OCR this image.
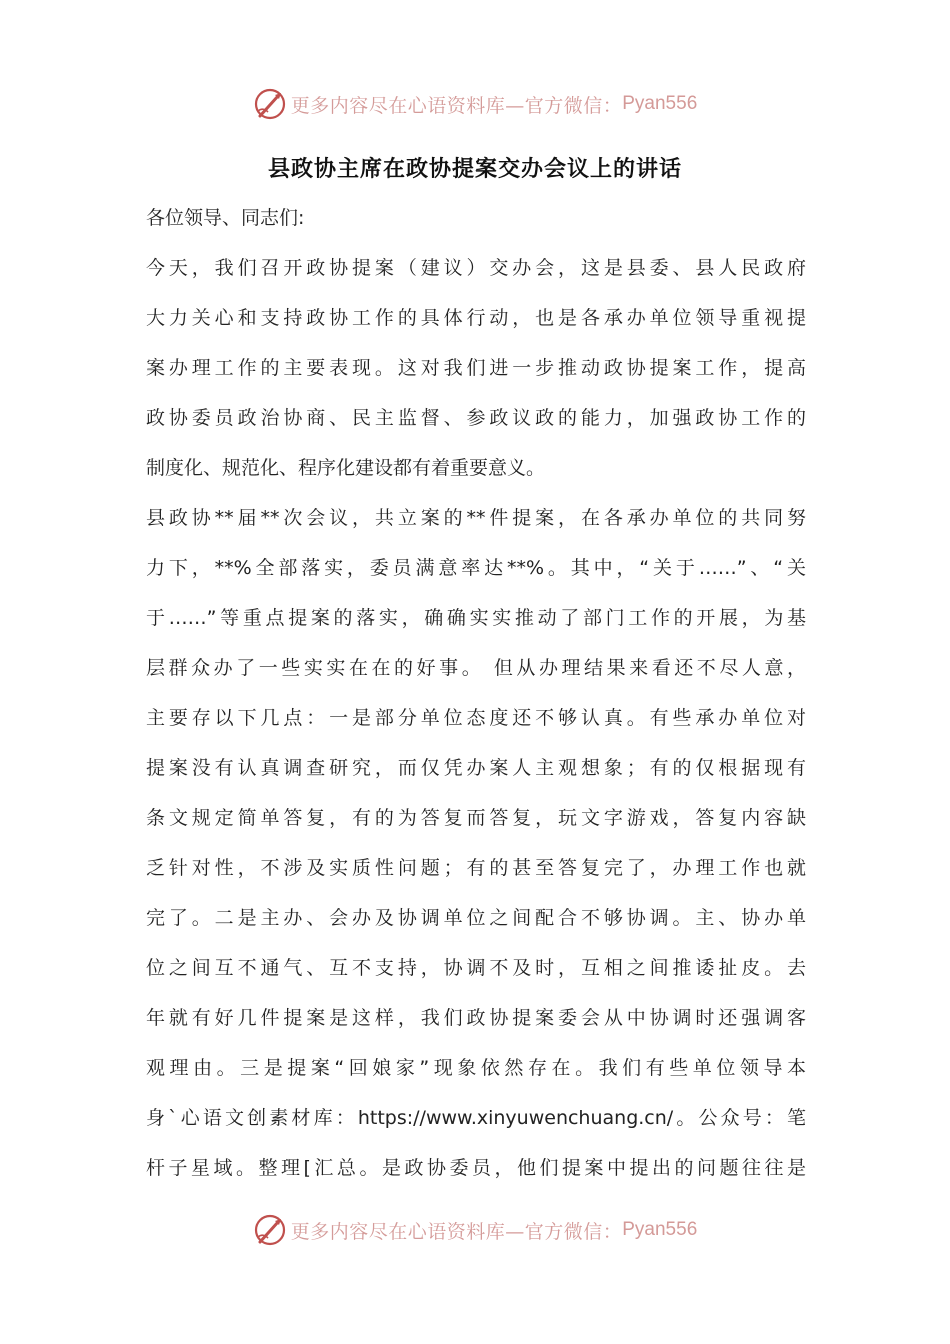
更多内容尽在心语资料库—官方微信： Pyan556
县政协主席在政协提案交办会议上的讲话
各位领导、同志们:
今天，我们召开政协提案（建议）交办会，这是县委、县人民政府
大力关心和支持政协工作的具体行动，也是各承办单位领导重视提
案办理工作的主要表现。这对我们进一步推动政协提案工作，提高
政协委员政治协商、民主监督、参政议政的能力，加强政协工作的
制度化、规范化、程序化建设都有着重要意义。
县政协**届**次会议，共立案的**件提案，在各承办单位的共同努
力下，**%全部落实，委员满意率达**%。其中，“关于……”、“关
于……”等重点提案的落实，确确实实推动了部门工作的开展，为基
层群众办了一些实实在在的好事。 但从办理结果来看还不尽人意，
主要存以下几点：一是部分单位态度还不够认真。有些承办单位对
提案没有认真调查研究，而仅凭办案人主观想象；有的仅根据现有
条文规定简单答复，有的为答复而答复，玩文字游戏，答复内容缺
乏针对性，不涉及实质性问题；有的甚至答复完了，办理工作也就
完了。二是主办、会办及协调单位之间配合不够协调。主、协办单
位之间互不通气、互不支持，协调不及时，互相之间推诿扯皮。去
年就有好几件提案是这样，我们政协提案委会从中协调时还强调客
观理由。三是提案“回娘家”现象依然存在。我们有些单位领导本
身`心语文创素材库：https://www.xinyuwenchuang.cn/。公众号：笔
杆子星域。整理[汇总。是政协委员，他们提案中提出的问题往往是
更多内容尽在心语资料库—官方微信： Pyan556
